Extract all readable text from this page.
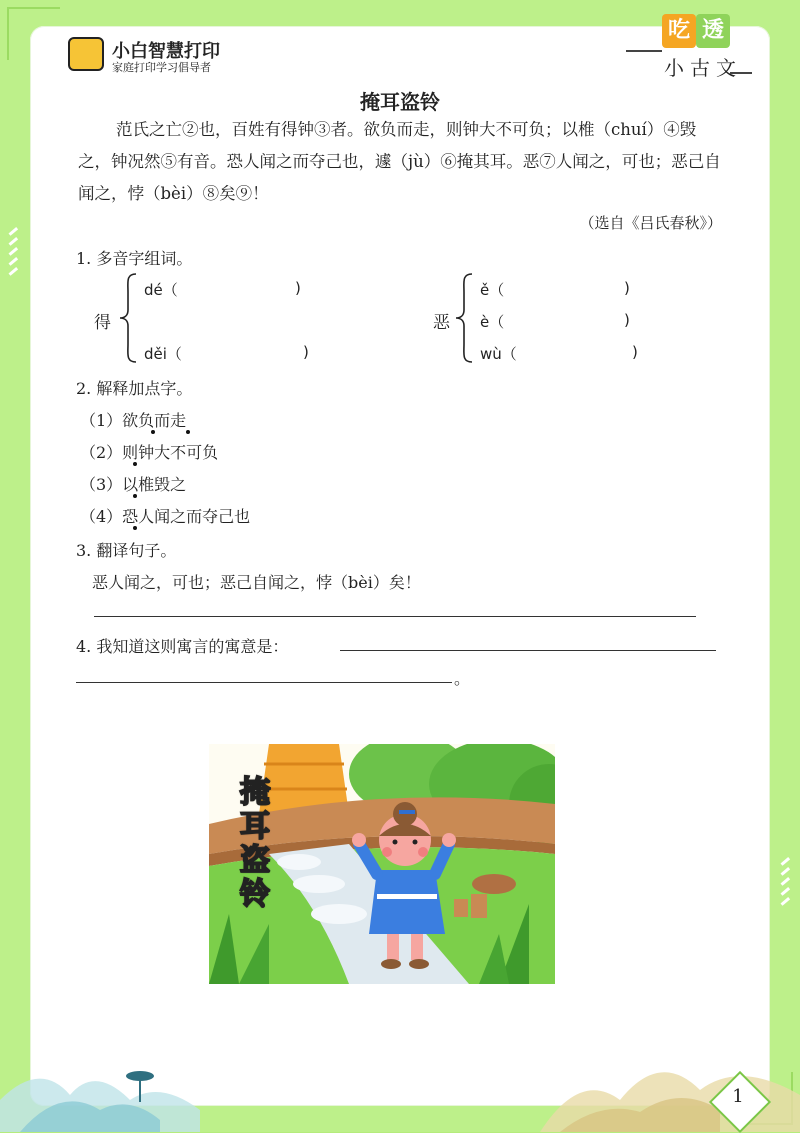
小白智慧打印
家庭打印学习倡导者
吃 透
小古文
掩耳盗铃
范氏之亡②也，百姓有得钟③者。欲负而走，则钟大不可负；以椎（chuí）④毁之，钟况然⑤有音。恐人闻之而夺己也，遽（jù）⑥掩其耳。恶⑦人闻之，可也；恶己自闻之，悖（bèi）⑧矣⑨！
（选自《吕氏春秋》）
1. 多音字组词。
得
dé（	)
děi（	)
恶
ě（	)
è（	)
wù（	)
2. 解释加点字。
（1）欲负而走
（2）则钟大不可负
（3）以椎毁之
（4）恐人闻之而夺己也
3. 翻译句子。
恶人闻之，可也；恶己自闻之，悖（bèi）矣！
4. 我知道这则寓言的寓意是：
。
掩耳盗铃
1
